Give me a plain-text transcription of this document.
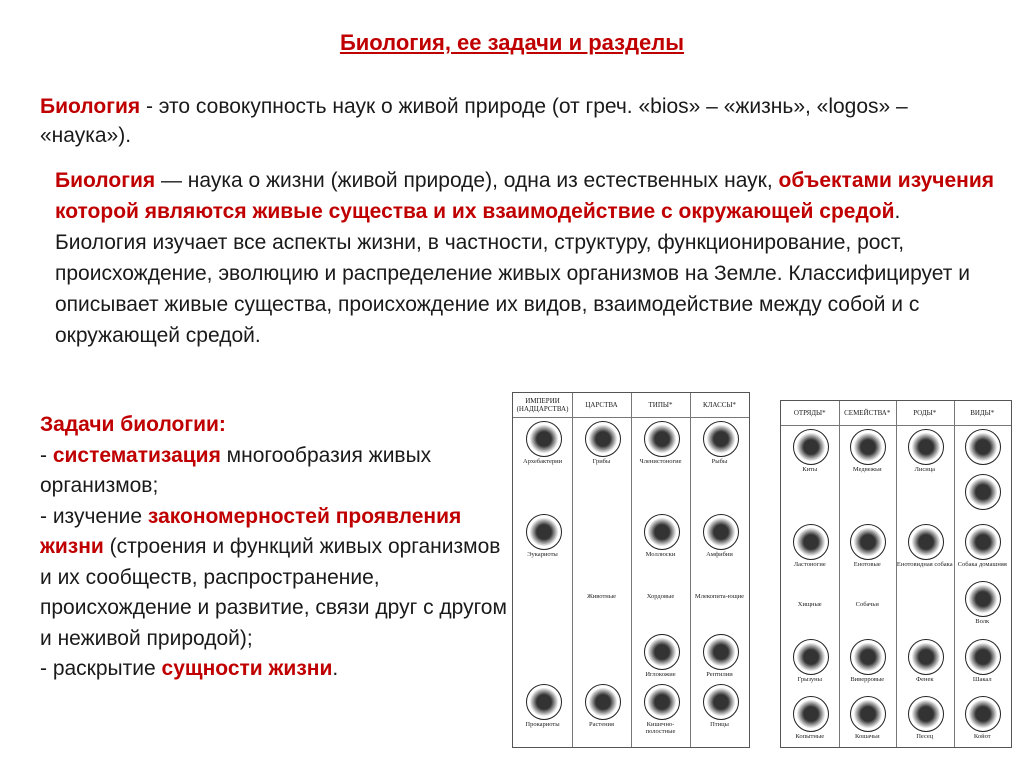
Биология, ее задачи и разделы
Биология - это совокупность наук о живой природе (от греч. «bios» – «жизнь», «logos» – «наука»).
Биология — наука о жизни (живой природе), одна из естественных наук, объектами изучения которой являются живые существа и их взаимодействие с окружающей средой. Биология изучает все аспекты жизни, в частности, структуру, функционирование, рост, происхождение, эволюцию и распределение живых организмов на Земле. Классифицирует и описывает живые существа, происхождение их видов, взаимодействие между собой и с окружающей средой.
Задачи биологии:
- систематизация многообразия живых организмов;
- изучение закономерностей проявления жизни (строения и функций живых организмов и их сообществ, распространение, происхождение и развитие, связи друг с другом и неживой природой);
- раскрытие сущности жизни.
ИМПЕРИИ (НАДЦАРСТВА)
Архебактерии
Эукариоты
Прокариоты
ЦАРСТВА
Грибы
Животные
Растения
ТИПЫ*
Членистоногие
Моллюски
Хордовые
Иглокожие
Кишечно-полостные
КЛАССЫ*
Рыбы
Амфибии
Млекопита-ющие
Рептилии
Птицы
ОТРЯДЫ*
Киты
Ластоногие
Хищные
Грызуны
Копытные
СЕМЕЙСТВА*
Медвежьи
Енотовые
Собачьи
Виверровые
Кошачьи
РОДЫ*
Лисица
Енотовидная собака
Фенек
Песец
ВИДЫ*
Собака домашняя
Волк
Шакал
Койот
